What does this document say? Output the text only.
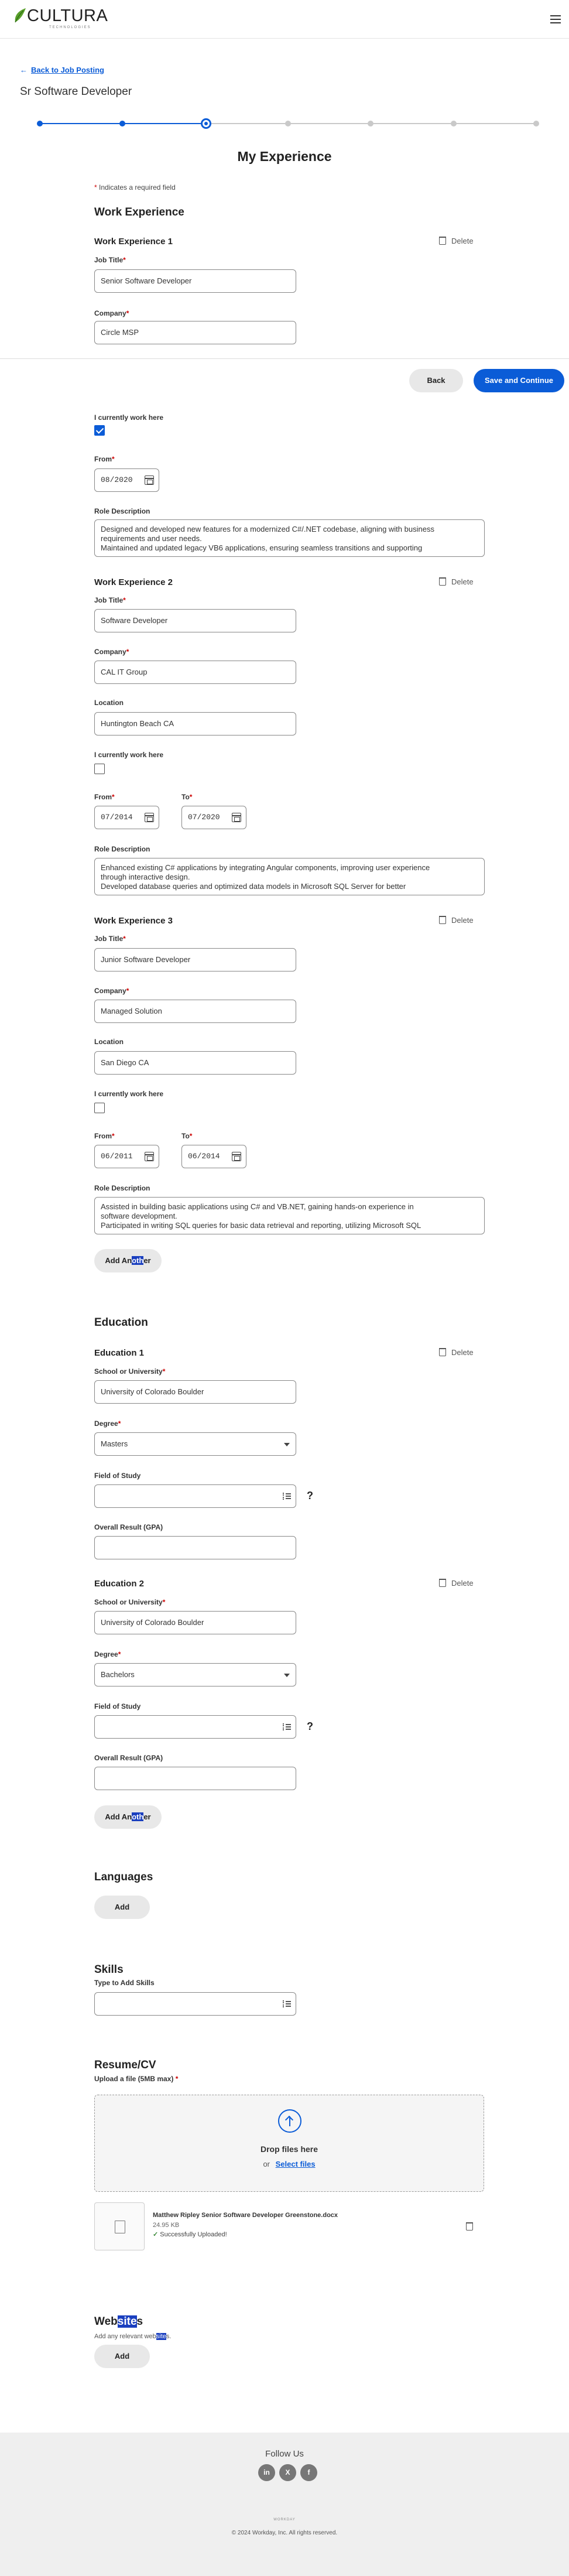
CULTURA
TECHNOLOGIES
← Back to Job Posting
Sr Software Developer
My Experience
* Indicates a required field
Work Experience
Work Experience 1	Delete
Job Title*
Senior Software Developer
Company*
Circle MSP
Back	Save and Continue
I currently work here
From*
08/2020
Role Description
Designed and developed new features for a modernized C#/.NET codebase, aligning with business
requirements and user needs.
Maintained and updated legacy VB6 applications, ensuring seamless transitions and supporting
Work Experience 2	Delete
Job Title*
Software Developer
Company*
CAL IT Group
Location
Huntington Beach CA
I currently work here
From*
07/2014
To*
07/2020
Role Description
Enhanced existing C# applications by integrating Angular components, improving user experience
through interactive design.
Developed database queries and optimized data models in Microsoft SQL Server for better
Work Experience 3	Delete
Job Title*
Junior Software Developer
Company*
Managed Solution
Location
San Diego CA
I currently work here
From*
06/2011
To*
06/2014
Role Description
Assisted in building basic applications using C# and VB.NET, gaining hands-on experience in
software development.
Participated in writing SQL queries for basic data retrieval and reporting, utilizing Microsoft SQL
Add Another
Education
Education 1	Delete
School or University*
University of Colorado Boulder
Degree*
Masters
Field of Study
?
Overall Result (GPA)
Education 2	Delete
School or University*
University of Colorado Boulder
Degree*
Bachelors
Field of Study
?
Overall Result (GPA)
Add Another
Languages
Add
Skills
Type to Add Skills
Resume/CV
Upload a file (5MB max) *
Drop files here
or Select files
Matthew Ripley Senior Software Developer Greenstone.docx
24.95 KB
✓ Successfully Uploaded!
Websites
Add any relevant websites.
Add
Follow Us
WORKDAY
© 2024 Workday, Inc. All rights reserved.
in	X	f
